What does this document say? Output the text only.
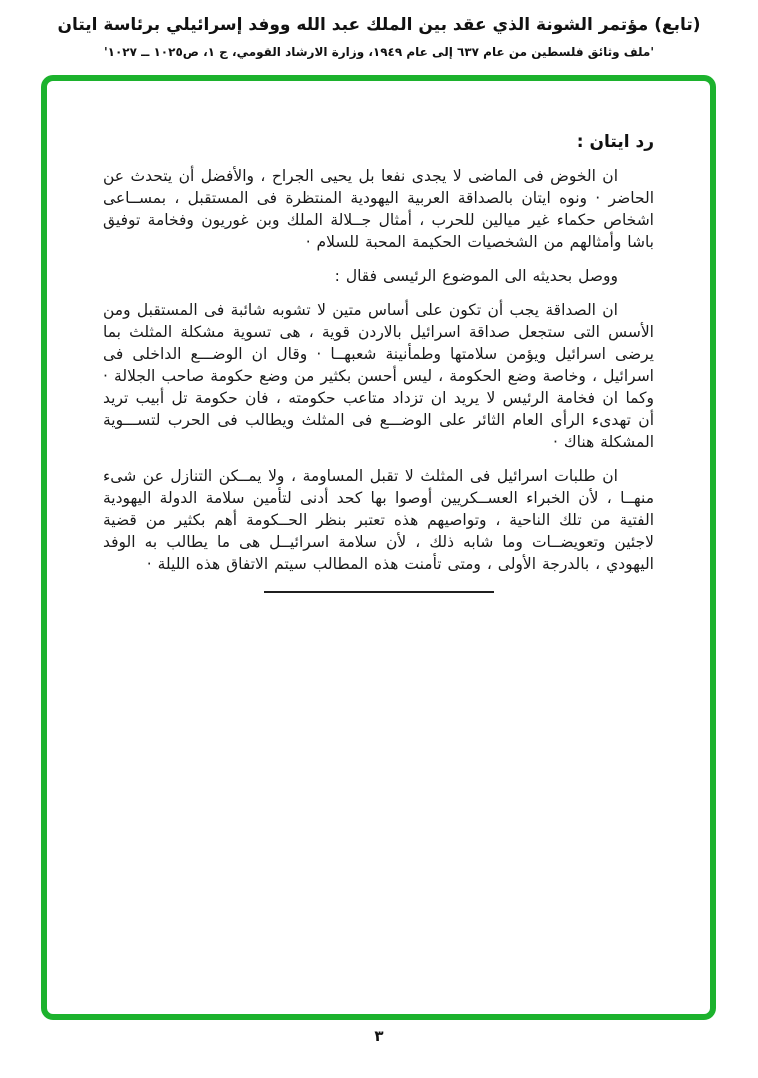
(تابع) مؤتمر الشونة الذي عقد بين الملك عبد الله ووفد إسرائيلي برئاسة ايتان
'ملف وثائق فلسطين من عام ٦٣٧ إلى عام ١٩٤٩، وزارة الارشاد القومي، ج ١، ص١٠٢٥ ــ ١٠٢٧'
رد ايتان :

ان الخوض فى الماضى لا يجدى نفعا بل يحيى الجراح ، والأفضل أن يتحدث عن الحاضر · ونوه ايتان بالصداقة العربية اليهودية المنتظرة فى المستقبل ، بمســاعى اشخاص حكماء غير ميالين للحرب ، أمثال جــلالة الملك وبن غوريون وفخامة توفيق باشا وأمثالهم من الشخصيات الحكيمة المحبة للسلام ·

ووصل بحديثه الى الموضوع الرئيسى فقال :

ان الصداقة يجب أن تكون على أساس متين لا تشوبه شائبة فى المستقبل ومن الأسس التى ستجعل صداقة اسرائيل بالاردن قوية ، هى تسوية مشكلة المثلث بما يرضى اسرائيل ويؤمن سلامتها وطمأنينة شعبهــا · وقال ان الوضـــع الداخلى فى اسرائيل ، وخاصة وضع الحكومة ، ليس أحسن بكثير من وضع حكومة صاحب الجلالة · وكما ان فخامة الرئيس لا يريد ان تزداد متاعب حكومته ، فان حكومة تل أبيب تريد أن تهدىء الرأى العام الثائر على الوضـــع فى المثلث ويطالب فى الحرب لتســـوية المشكلة هناك ·

ان طلبات اسرائيل فى المثلث لا تقبل المساومة ، ولا يمــكن التنازل عن شىء منهــا ، لأن الخبراء العســكريين أوصوا بها كحد أدنى لتأمين سلامة الدولة اليهودية الفتية من تلك الناحية ، وتواصيهم هذه تعتبر بنظر الحــكومة أهم بكثير من قضية لاجئين وتعويضــات وما شابه ذلك ، لأن سلامة اسرائيــل هى ما يطالب به الوفد اليهودي ، بالدرجة الأولى ، ومتى تأمنت هذه المطالب سيتم الاتفاق هذه الليلة ·

٣
